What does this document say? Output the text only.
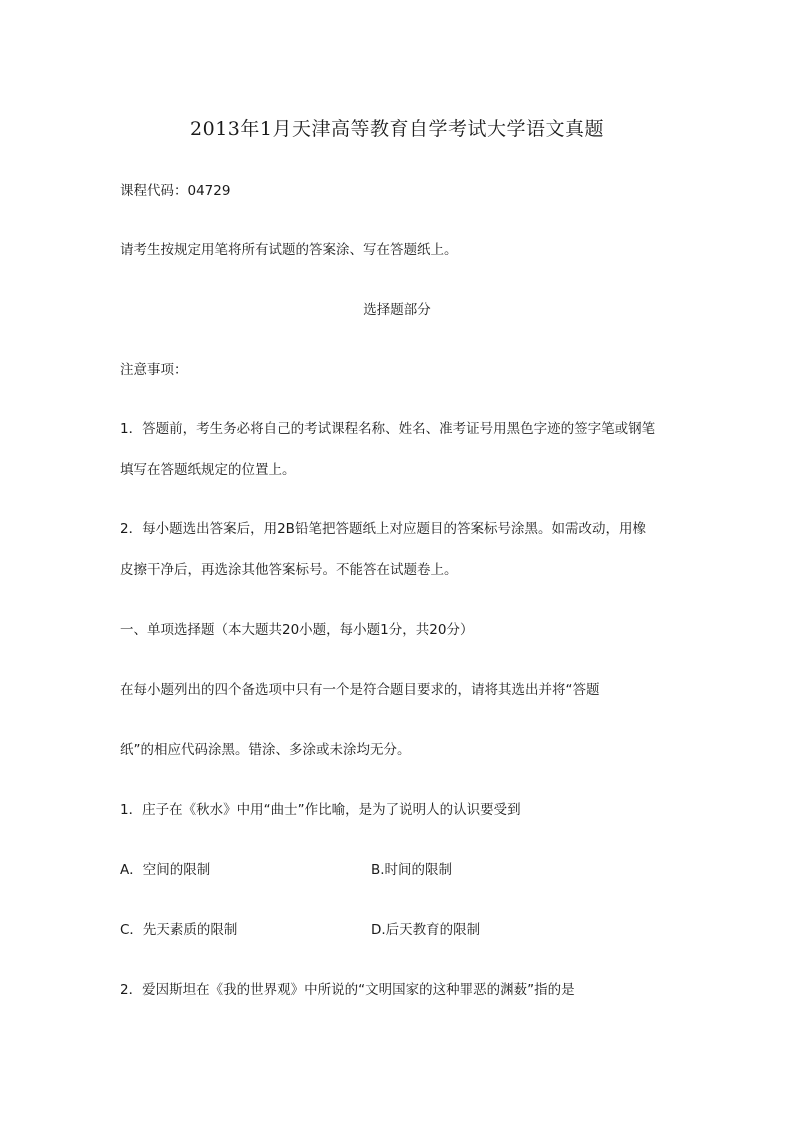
2013年1月天津高等教育自学考试大学语文真题
课程代码：04729
请考生按规定用笔将所有试题的答案涂、写在答题纸上。
选择题部分
注意事项：
1．答题前，考生务必将自己的考试课程名称、姓名、准考证号用黑色字迹的签字笔或钢笔
填写在答题纸规定的位置上。
2．每小题选出答案后，用2B铅笔把答题纸上对应题目的答案标号涂黑。如需改动，用橡
皮擦干净后，再选涂其他答案标号。不能答在试题卷上。
一、单项选择题（本大题共20小题，每小题1分，共20分）
在每小题列出的四个备选项中只有一个是符合题目要求的，请将其选出并将“答题
纸”的相应代码涂黑。错涂、多涂或未涂均无分。
1．庄子在《秋水》中用“曲士”作比喻，是为了说明人的认识要受到
A．空间的限制	B.时间的限制
C．先天素质的限制	D.后天教育的限制
2．爱因斯坦在《我的世界观》中所说的“文明国家的这种罪恶的渊薮”指的是
